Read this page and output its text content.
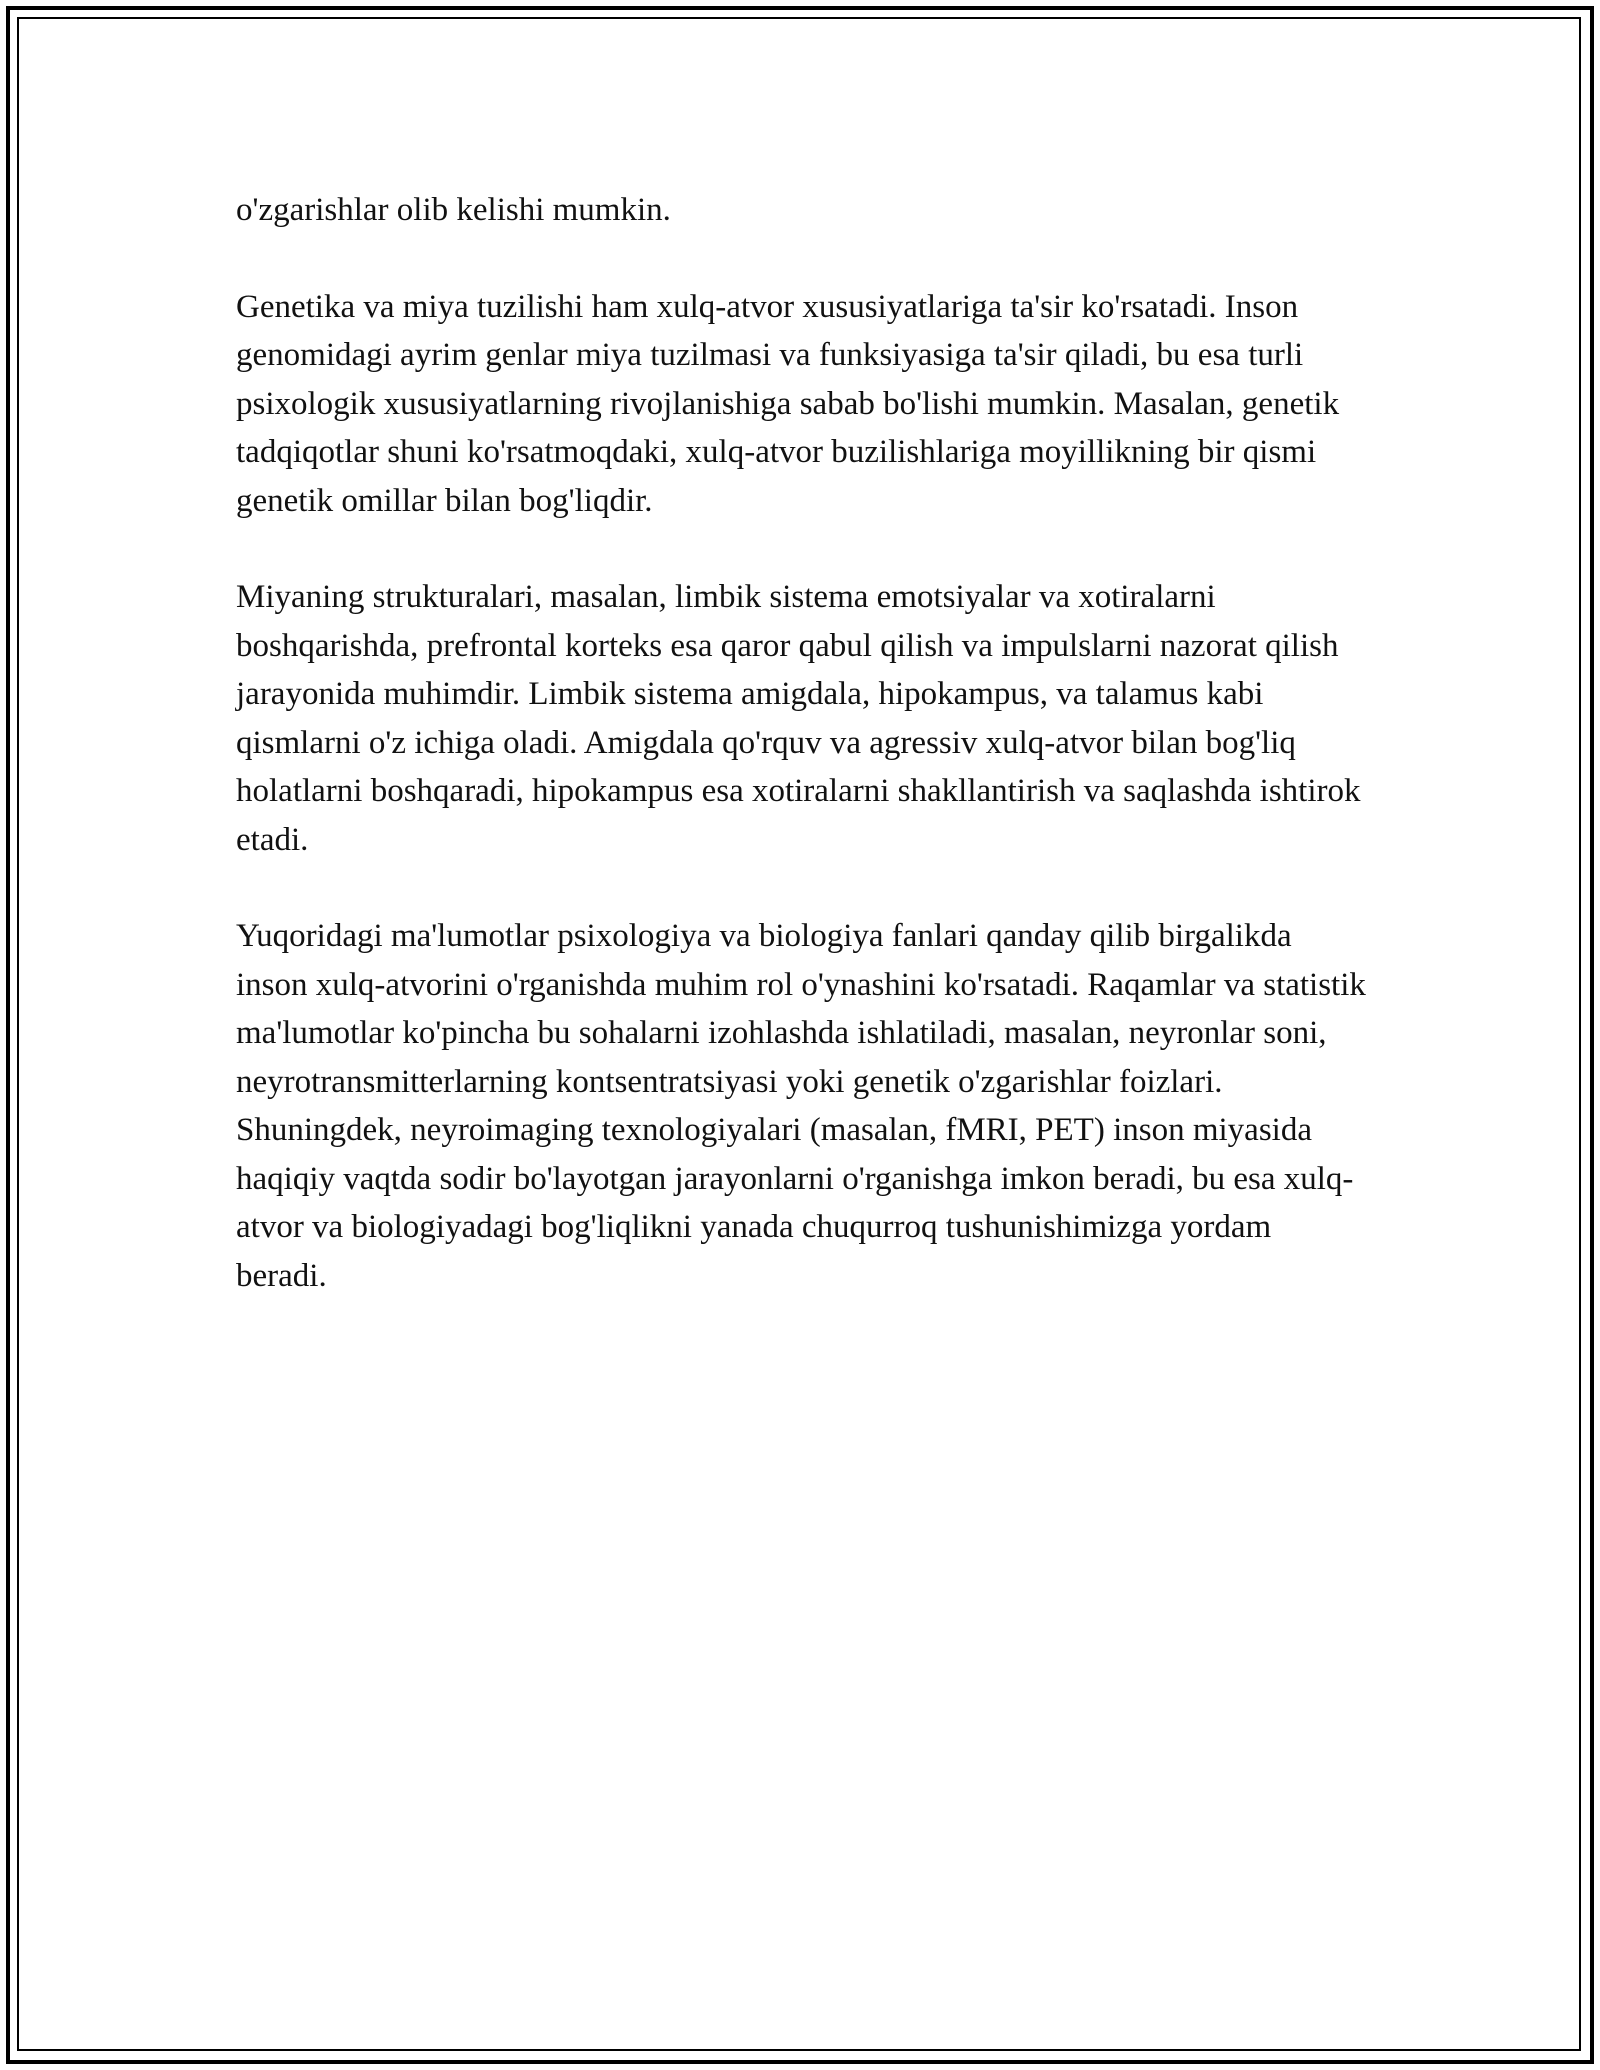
o'zgarishlar olib kelishi mumkin.

Genetika va miya tuzilishi ham xulq-atvor xususiyatlariga ta'sir ko'rsatadi. Inson genomidagi ayrim genlar miya tuzilmasi va funksiyasiga ta'sir qiladi, bu esa turli psixologik xususiyatlarning rivojlanishiga sabab bo'lishi mumkin. Masalan, genetik tadqiqotlar shuni ko'rsatmoqdaki, xulq-atvor buzilishlariga moyillikning bir qismi genetik omillar bilan bog'liqdir.

Miyaning strukturalari, masalan, limbik sistema emotsiyalar va xotiralarni boshqarishda, prefrontal korteks esa qaror qabul qilish va impulslarni nazorat qilish jarayonida muhimdir. Limbik sistema amigdala, hipokampus, va talamus kabi qismlarni o'z ichiga oladi. Amigdala qo'rquv va agressiv xulq-atvor bilan bog'liq holatlarni boshqaradi, hipokampus esa xotiralarni shakllantirish va saqlashda ishtirok etadi.

Yuqoridagi ma'lumotlar psixologiya va biologiya fanlari qanday qilib birgalikda inson xulq-atvorini o'rganishda muhim rol o'ynashini ko'rsatadi. Raqamlar va statistik ma'lumotlar ko'pincha bu sohalarni izohlashda ishlatiladi, masalan, neyronlar soni, neyrotransmitterlarning kontsentratsiyasi yoki genetik o'zgarishlar foizlari. Shuningdek, neyroimaging texnologiyalari (masalan, fMRI, PET) inson miyasida haqiqiy vaqtda sodir bo'layotgan jarayonlarni o'rganishga imkon beradi, bu esa xulq-atvor va biologiyadagi bog'liqlikni yanada chuqurroq tushunishimizga yordam beradi.
